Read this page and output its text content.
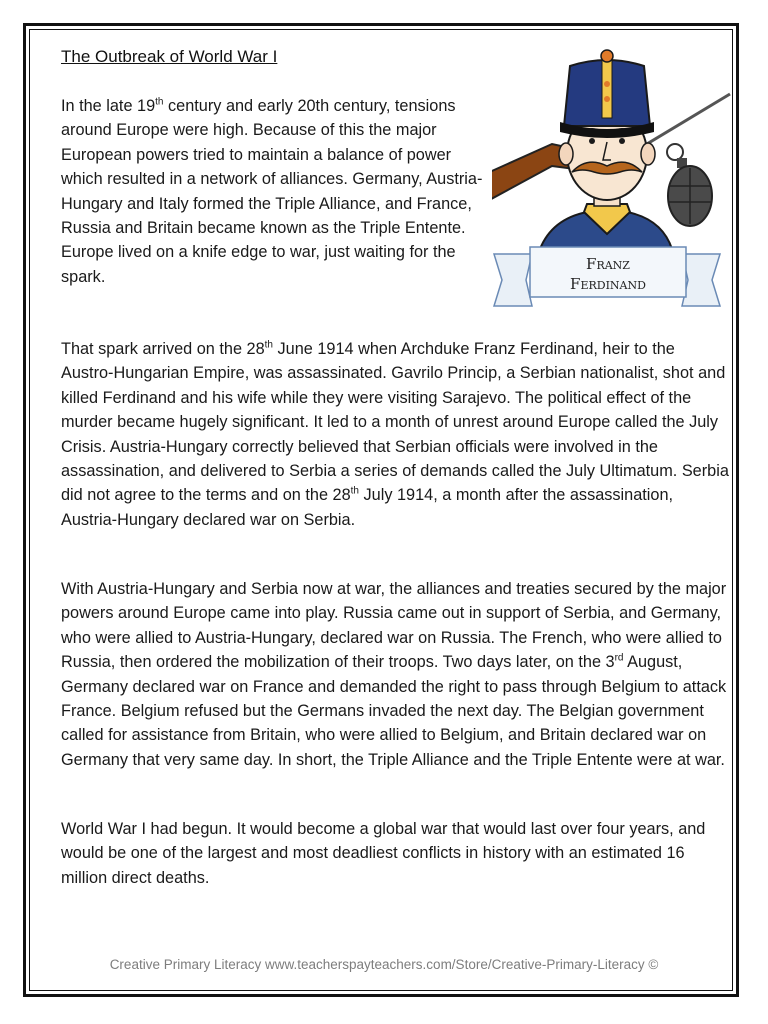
The Outbreak of World War I

In the late 19th century and early 20th century, tensions around Europe were high. Because of this the major European powers tried to maintain a balance of power which resulted in a network of alliances. Germany, Austria-Hungary and Italy formed the Triple Alliance, and France, Russia and Britain became known as the Triple Entente. Europe lived on a knife edge to war, just waiting for the spark.

That spark arrived on the 28th June 1914 when Archduke Franz Ferdinand, heir to the Austro-Hungarian Empire, was assassinated. Gavrilo Princip, a Serbian nationalist, shot and killed Ferdinand and his wife while they were visiting Sarajevo. The political effect of the murder became hugely significant. It led to a month of unrest around Europe called the July Crisis. Austria-Hungary correctly believed that Serbian officials were involved in the assassination, and delivered to Serbia a series of demands called the July Ultimatum. Serbia did not agree to the terms and on the 28th July 1914, a month after the assassination, Austria-Hungary declared war on Serbia.

With Austria-Hungary and Serbia now at war, the alliances and treaties secured by the major powers around Europe came into play. Russia came out in support of Serbia, and Germany, who were allied to Austria-Hungary, declared war on Russia. The French, who were allied to Russia, then ordered the mobilization of their troops. Two days later, on the 3rd August, Germany declared war on France and demanded the right to pass through Belgium to attack France. Belgium refused but the Germans invaded the next day. The Belgian government called for assistance from Britain, who were allied to Belgium, and Britain declared war on Germany that very same day. In short, the Triple Alliance and the Triple Entente were at war.

World War I had begun. It would become a global war that would last over four years, and would be one of the largest and most deadliest conflicts in history with an estimated 16 million direct deaths.

Franz
Ferdinand

Creative Primary Literacy www.teacherspayteachers.com/Store/Creative-Primary-Literacy ©
